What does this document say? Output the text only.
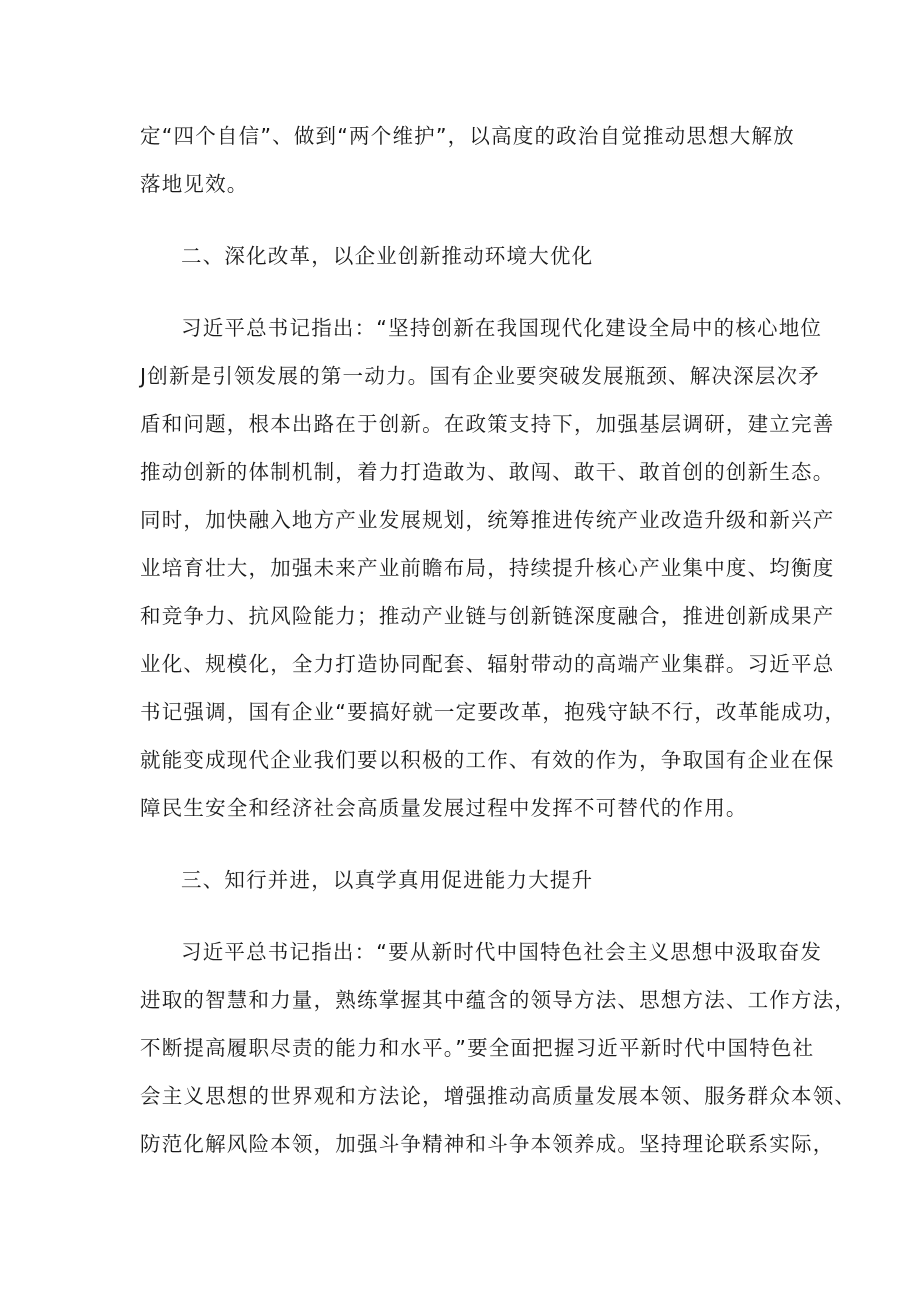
定“四个自信”、做到“两个维护”，以高度的政治自觉推动思想大解放
落地见效。
二、深化改革，以企业创新推动环境大优化
习近平总书记指出：“坚持创新在我国现代化建设全局中的核心地位
J创新是引领发展的第一动力。国有企业要突破发展瓶颈、解决深层次矛
盾和问题，根本出路在于创新。在政策支持下，加强基层调研，建立完善
推动创新的体制机制，着力打造敢为、敢闯、敢干、敢首创的创新生态。
同时，加快融入地方产业发展规划，统筹推进传统产业改造升级和新兴产
业培育壮大，加强未来产业前瞻布局，持续提升核心产业集中度、均衡度
和竞争力、抗风险能力；推动产业链与创新链深度融合，推进创新成果产
业化、规模化，全力打造协同配套、辐射带动的高端产业集群。习近平总
书记强调，国有企业“要搞好就一定要改革，抱残守缺不行，改革能成功，
就能变成现代企业我们要以积极的工作、有效的作为，争取国有企业在保
障民生安全和经济社会高质量发展过程中发挥不可替代的作用。
三、知行并进，以真学真用促进能力大提升
习近平总书记指出：“要从新时代中国特色社会主义思想中汲取奋发
进取的智慧和力量，熟练掌握其中蕴含的领导方法、思想方法、工作方法，
不断提高履职尽责的能力和水平。”要全面把握习近平新时代中国特色社
会主义思想的世界观和方法论，增强推动高质量发展本领、服务群众本领、
防范化解风险本领，加强斗争精神和斗争本领养成。坚持理论联系实际，
